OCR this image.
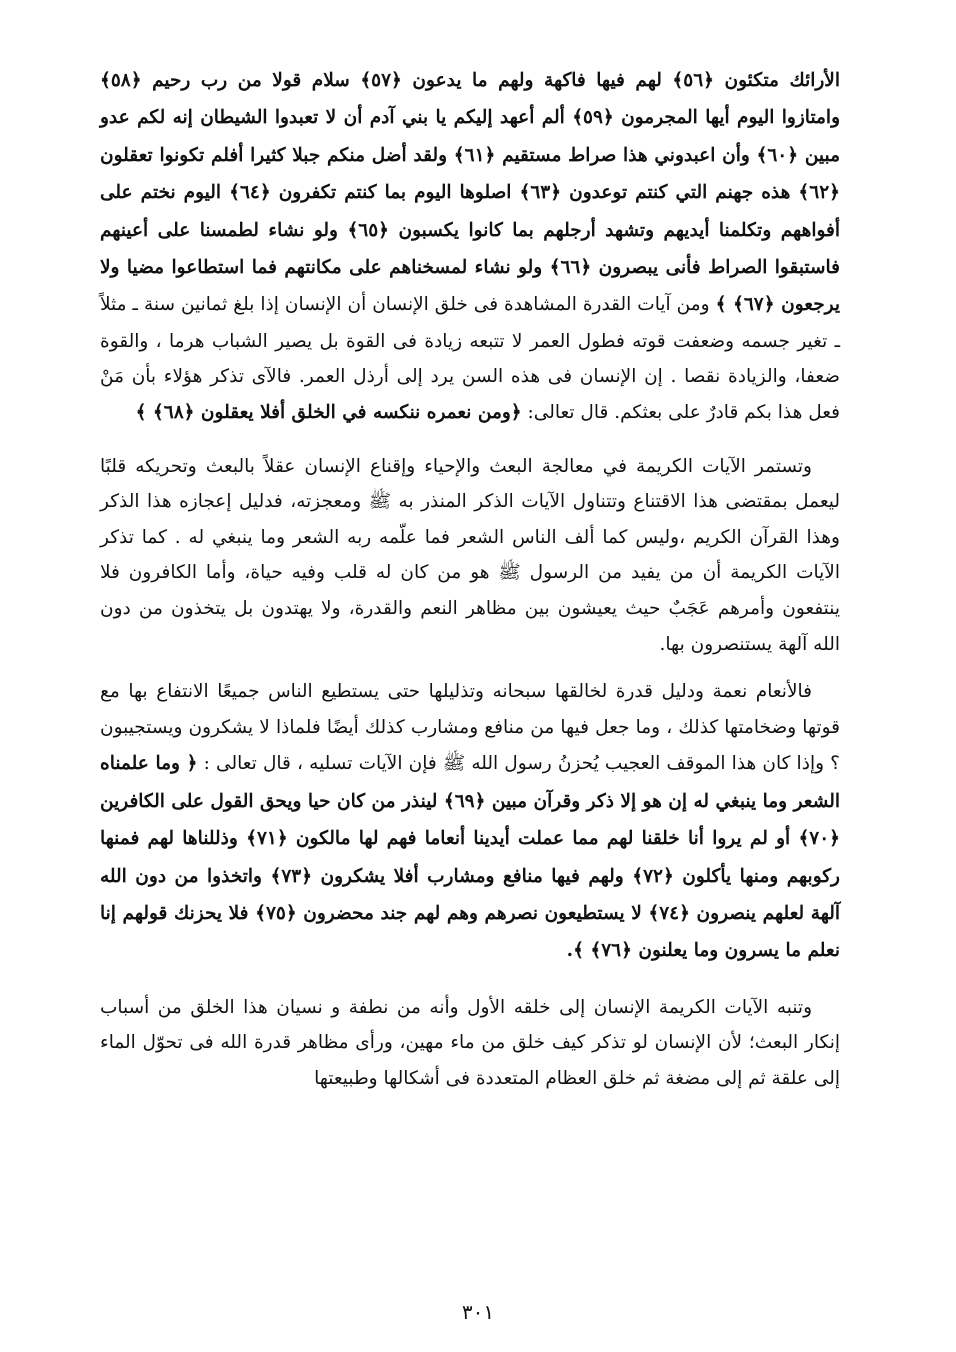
الأرائك متكئون ﴿٥٦﴾ لهم فيها فاكهة ولهم ما يدعون ﴿٥٧﴾ سلام قولا من رب رحيم ﴿٥٨﴾ وامتازوا اليوم أيها المجرمون ﴿٥٩﴾ ألم أعهد إليكم يا بني آدم أن لا تعبدوا الشيطان إنه لكم عدو مبين ﴿٦٠﴾ وأن اعبدوني هذا صراط مستقيم ﴿٦١﴾ ولقد أضل منكم جبلا كثيرا أفلم تكونوا تعقلون ﴿٦٢﴾ هذه جهنم التي كنتم توعدون ﴿٦٣﴾ اصلوها اليوم بما كنتم تكفرون ﴿٦٤﴾ اليوم نختم على أفواههم وتكلمنا أيديهم وتشهد أرجلهم بما كانوا يكسبون ﴿٦٥﴾ ولو نشاء لطمسنا على أعينهم فاستبقوا الصراط فأنى يبصرون ﴿٦٦﴾ ولو نشاء لمسخناهم على مكانتهم فما استطاعوا مضيا ولا يرجعون ﴿٦٧﴾ ﴾ ومن آيات القدرة المشاهدة فى خلق الإنسان أن الإنسان إذا بلغ ثمانين سنة ـ مثلاً ـ تغير جسمه وضعفت قوته فطول العمر لا تتبعه زيادة فى القوة بل يصير الشباب هرما ، والقوة ضعفا، والزيادة نقصا . إن الإنسان فى هذه السن يرد إلى أرذل العمر. فالآى تذكر هؤلاء بأن مَنْ فعل هذا بكم قادرٌ على بعثكم. قال تعالى: ﴿ومن نعمره ننكسه في الخلق أفلا يعقلون ﴿٦٨﴾ ﴾
وتستمر الآيات الكريمة في معالجة البعث والإحياء وإقناع الإنسان عقلاً بالبعث وتحريكه قلبًا ليعمل بمقتضى هذا الاقتناع وتتناول الآيات الذكر المنذر به ﷺ ومعجزته، فدليل إعجازه هذا الذكر وهذا القرآن الكريم ،وليس كما ألف الناس الشعر فما علّمه ربه الشعر وما ينبغي له . كما تذكر الآيات الكريمة أن من يفيد من الرسول ﷺ هو من كان له قلب وفيه حياة، وأما الكافرون فلا ينتفعون وأمرهم عَجَبٌ حيث يعيشون بين مظاهر النعم والقدرة، ولا يهتدون بل يتخذون من دون الله آلهة يستنصرون بها.
فالأنعام نعمة ودليل قدرة لخالقها سبحانه وتذليلها حتى يستطيع الناس جميعًا الانتفاع بها مع قوتها وضخامتها كذلك ، وما جعل فيها من منافع ومشارب كذلك أيضًا فلماذا لا يشكرون ويستجيبون ؟ وإذا كان هذا الموقف العجيب يُحزنُ رسول الله ﷺ فإن الآيات تسليه ، قال تعالى : ﴿ وما علمناه الشعر وما ينبغي له إن هو إلا ذكر وقرآن مبين ﴿٦٩﴾ لينذر من كان حيا ويحق القول على الكافرين ﴿٧٠﴾ أو لم يروا أنا خلقنا لهم مما عملت أيدينا أنعاما فهم لها مالكون ﴿٧١﴾ وذللناها لهم فمنها ركوبهم ومنها يأكلون ﴿٧٢﴾ ولهم فيها منافع ومشارب أفلا يشكرون ﴿٧٣﴾ واتخذوا من دون الله آلهة لعلهم ينصرون ﴿٧٤﴾ لا يستطيعون نصرهم وهم لهم جند محضرون ﴿٧٥﴾ فلا يحزنك قولهم إنا نعلم ما يسرون وما يعلنون ﴿٧٦﴾ ﴾.
وتنبه الآيات الكريمة الإنسان إلى خلقه الأول وأنه من نطفة و نسيان هذا الخلق من أسباب إنكار البعث؛ لأن الإنسان لو تذكر كيف خلق من ماء مهين، ورأى مظاهر قدرة الله فى تحوّل الماء إلى علقة ثم إلى مضغة ثم خلق العظام المتعددة فى أشكالها وطبيعتها
٣٠١
